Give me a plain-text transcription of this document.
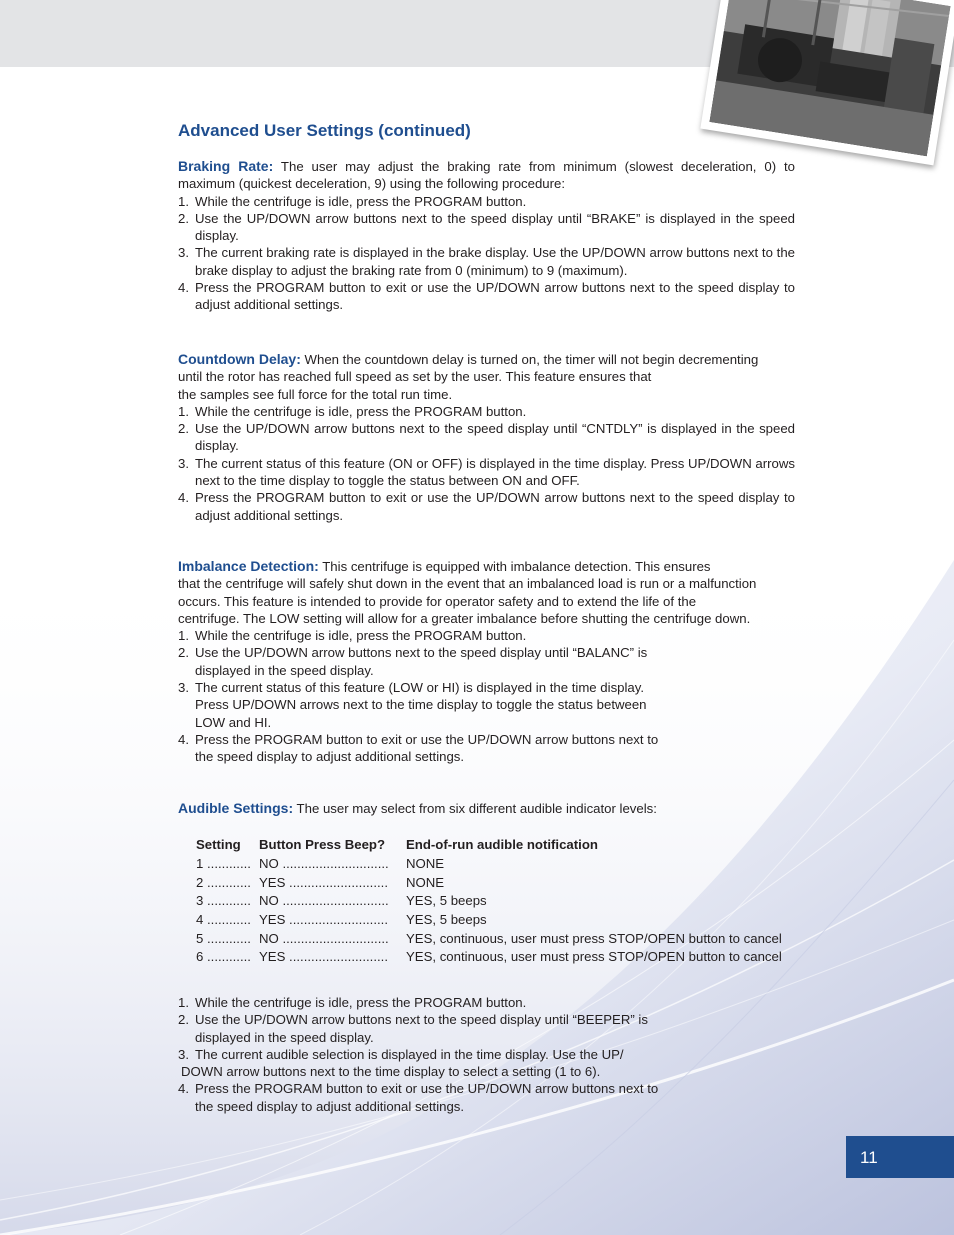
Advanced User Settings (continued)

Braking Rate: The user may adjust the braking rate from minimum (slowest deceleration, 0) to maximum (quickest deceleration, 9) using the following procedure:

1. While the centrifuge is idle, press the PROGRAM button.
2. Use the UP/DOWN arrow buttons next to the speed display until “BRAKE” is displayed in the speed display.
3. The current braking rate is displayed in the brake display. Use the UP/DOWN arrow buttons next to the brake display to adjust the braking rate from 0 (minimum) to 9 (maximum).
4. Press the PROGRAM button to exit or use the UP/DOWN arrow buttons next to the speed display to adjust additional settings.

Countdown Delay: When the countdown delay is turned on, the timer will not begin decrementing

until the rotor has reached full speed as set by the user. This feature ensures that

the samples see full force for the total run time.

1. While the centrifuge is idle, press the PROGRAM button.
2. Use the UP/DOWN arrow buttons next to the speed display until “CNTDLY” is displayed in the speed display.
3. The current status of this feature (ON or OFF) is displayed in the time display. Press UP/DOWN arrows next to the time display to toggle the status between ON and OFF.
4. Press the PROGRAM button to exit or use the UP/DOWN arrow buttons next to the speed display to adjust additional settings.

Imbalance Detection: This centrifuge is equipped with imbalance detection. This ensures

that the centrifuge will safely shut down in the event that an imbalanced load is run or a malfunction

occurs. This feature is intended to provide for operator safety and to extend the life of the

centrifuge. The LOW setting will allow for a greater imbalance before shutting the centrifuge down.

1. While the centrifuge is idle, press the PROGRAM button.
2. Use the UP/DOWN arrow buttons next to the speed display until “BALANC” is
displayed in the speed display.
3. The current status of this feature (LOW or HI) is displayed in the time display.
Press UP/DOWN arrows next to the time display to toggle the status between
LOW and HI.
4. Press the PROGRAM button to exit or use the UP/DOWN arrow buttons next to
the speed display to adjust additional settings.

Audible Settings: The user may select from six different audible indicator levels:

1. While the centrifuge is idle, press the PROGRAM button.
2. Use the UP/DOWN arrow buttons next to the speed display until “BEEPER” is
displayed in the speed display.
3. The current audible selection is displayed in the time display. Use the UP/
DOWN arrow buttons next to the time display to select a setting (1 to 6).
4. Press the PROGRAM button to exit or use the UP/DOWN arrow buttons next to
the speed display to adjust additional settings.
Setting	Button Press Beep?	End-of-run audible notification
1 ............	NO .............................	NONE
2 ............	YES ...........................	NONE
3 ............	NO .............................	YES, 5 beeps
4 ............	YES ...........................	YES, 5 beeps
5 ............	NO .............................	YES, continuous, user must press STOP/OPEN button to cancel
6 ............	YES ...........................	YES, continuous, user must press STOP/OPEN button to cancel
11
